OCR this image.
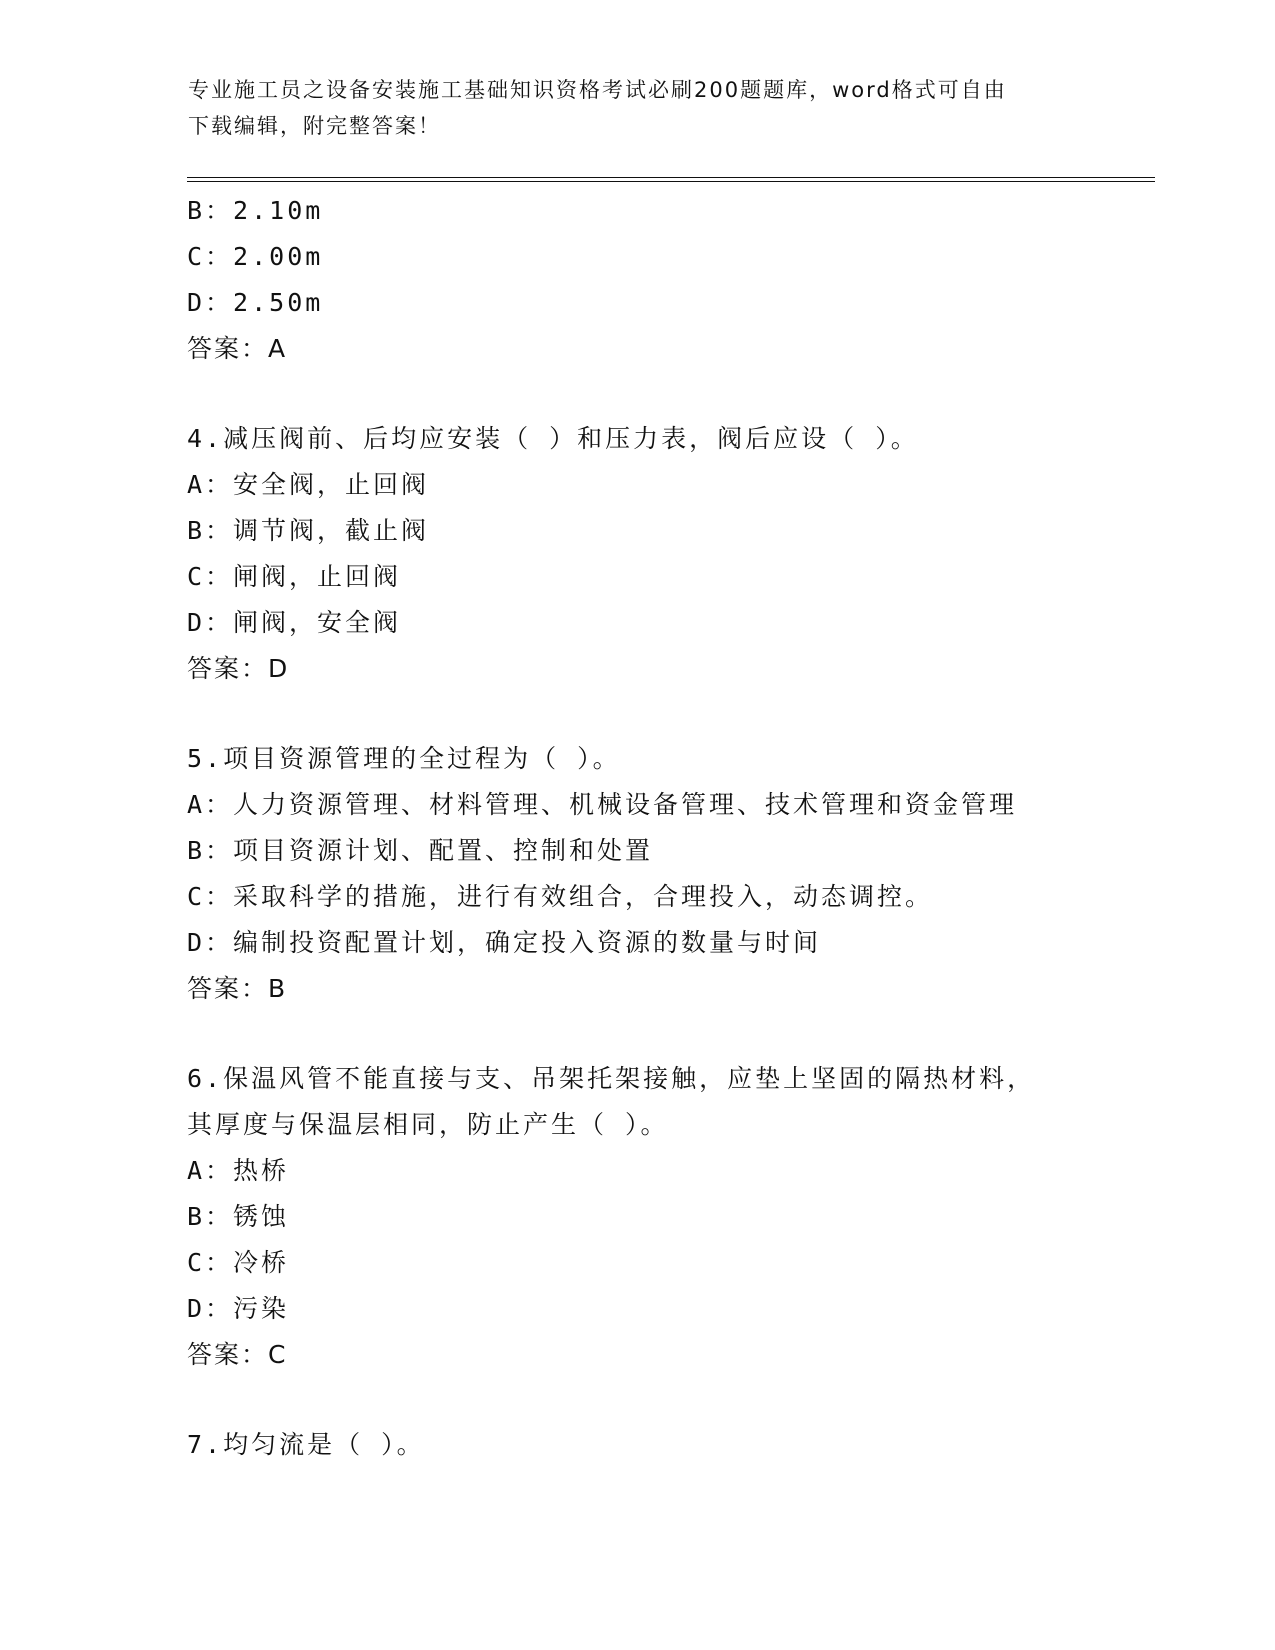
专业施工员之设备安装施工基础知识资格考试必刷200题题库，word格式可自由
下载编辑，附完整答案！
B：2.10m
C：2.00m
D：2.50m
答案：A
4.减压阀前、后均应安装（ ）和压力表，阀后应设（ ）。
A：安全阀，止回阀
B：调节阀，截止阀
C：闸阀，止回阀
D：闸阀，安全阀
答案：D
5.项目资源管理的全过程为（ ）。
A：人力资源管理、材料管理、机械设备管理、技术管理和资金管理
B：项目资源计划、配置、控制和处置
C：采取科学的措施，进行有效组合，合理投入，动态调控。
D：编制投资配置计划，确定投入资源的数量与时间
答案：B
6.保温风管不能直接与支、吊架托架接触，应垫上坚固的隔热材料，
其厚度与保温层相同，防止产生（ ）。
A：热桥
B：锈蚀
C：冷桥
D：污染
答案：C
7.均匀流是（ ）。
